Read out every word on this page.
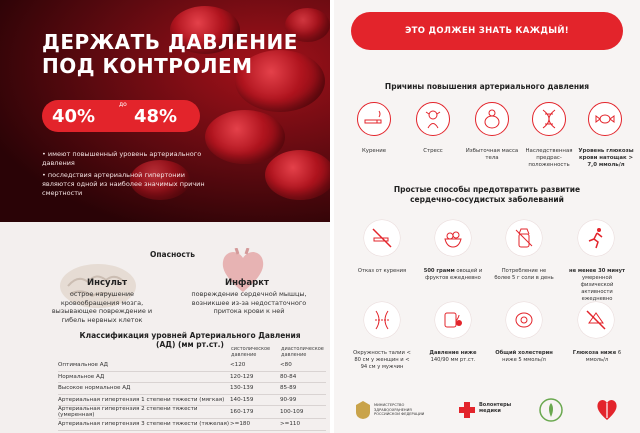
ДЕРЖАТЬ ДАВЛЕНИЕ
ПОД КОНТРОЛЕМ
40%
до
48%

• имеют повышенный уровень артериального давления

• последствия артериальной гипертонии являются одной из наиболее значимых причин смертности

Опасность
Инсульт
острое нарушение кровообращения мозга, вызывающее повреждение и гибель нервных клеток
Инфаркт
повреждение сердечной мышцы, возникшее из-за недостаточного притока крови к ней
Классификация уровней Артериального Давления (АД) (мм рт.ст.)
		систолическое давление	диастолическое давление
Оптимальное АД	<120	<80
Нормальное АД	120-129	80-84
Высокое нормальное АД	130-139	85-89
Артериальная гипертензия 1 степени тяжести (мягкая)	140-159	90-99
Артериальная гипертензия 2 степени тяжести (умеренная)	160-179	100-109
Артериальная гипертензия 3 степени тяжести (тяжелая)	>=180	>=110
ЭТО ДОЛЖЕН ЗНАТЬ КАЖДЫЙ!
Причины повышения артериального давления
Курение	Стресс	Избыточная масса тела
Наследственная предрас-положенность
Уровень глюкозы крови натощак > 7,0 ммоль/л
Простые способы предотвратить развитие
сердечно-сосудистых заболеваний
Отказ от курения	500 грамм овощей и фруктов ежедневно
Потребление не более 5 г соли в день
не менее 30 минут умеренной физической активности ежедневно
Окружность талии < 80 см у женщин и < 94 см у мужчин
Давление ниже 140/90 мм рт.ст.
Общий холестерин ниже 5 ммоль/л
Глюкоза ниже 6 ммоль/л
МИНИСТЕРСТВО ЗДРАВООХРАНЕНИЯ РОССИЙСКОЙ ФЕДЕРАЦИИ
Волонтеры медики
